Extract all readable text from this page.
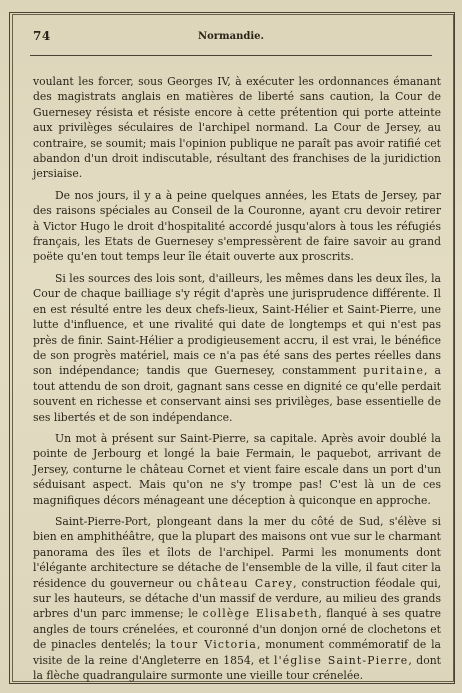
74	Normandie.

voulant les forcer, sous Georges IV, à exécuter les ordonnances émanant des magistrats anglais en matières de liberté sans caution, la Cour de Guernesey résista et résiste encore à cette prétention qui porte atteinte aux privilèges séculaires de l'archipel normand. La Cour de Jersey, au contraire, se soumit; mais l'opinion publique ne paraît pas avoir ratifié cet abandon d'un droit indiscutable, résultant des franchises de la juridiction jersiaise.

De nos jours, il y a à peine quelques années, les Etats de Jersey, par des raisons spéciales au Conseil de la Couronne, ayant cru devoir retirer à Victor Hugo le droit d'hospitalité accordé jusqu'alors à tous les réfugiés français, les Etats de Guernesey s'empressèrent de faire savoir au grand poëte qu'en tout temps leur île était ouverte aux proscrits.

Si les sources des lois sont, d'ailleurs, les mêmes dans les deux îles, la Cour de chaque bailliage s'y régit d'après une jurisprudence différente. Il en est résulté entre les deux chefs-lieux, Saint-Hélier et Saint-Pierre, une lutte d'influence, et une rivalité qui date de longtemps et qui n'est pas près de finir. Saint-Hélier a prodigieusement accru, il est vrai, le bénéfice de son progrès matériel, mais ce n'a pas été sans des pertes réelles dans son indépendance; tandis que Guernesey, constamment puritaine, a tout attendu de son droit, gagnant sans cesse en dignité ce qu'elle perdait souvent en richesse et conservant ainsi ses privilèges, base essentielle de ses libertés et de son indépendance.

Un mot à présent sur Saint-Pierre, sa capitale. Après avoir doublé la pointe de Jerbourg et longé la baie Fermain, le paquebot, arrivant de Jersey, conturne le château Cornet et vient faire escale dans un port d'un séduisant aspect. Mais qu'on ne s'y trompe pas! C'est là un de ces magnifiques décors ménageant une déception à quiconque en approche.

Saint-Pierre-Port, plongeant dans la mer du côté de Sud, s'élève si bien en amphithéâtre, que la plupart des maisons ont vue sur le charmant panorama des îles et îlots de l'archipel. Parmi les monuments dont l'élégante architecture se détache de l'ensemble de la ville, il faut citer la résidence du gouverneur ou château Carey, construction féodale qui, sur les hauteurs, se détache d'un massif de verdure, au milieu des grands arbres d'un parc immense; le collège Elisabeth, flanqué à ses quatre angles de tours crénelées, et couronné d'un donjon orné de clochetons et de pinacles dentelés; la tour Victoria, monument commémoratif de la visite de la reine d'Angleterre en 1854, et l'église Saint-Pierre, dont la flèche quadrangulaire surmonte une vieille tour crénelée.
